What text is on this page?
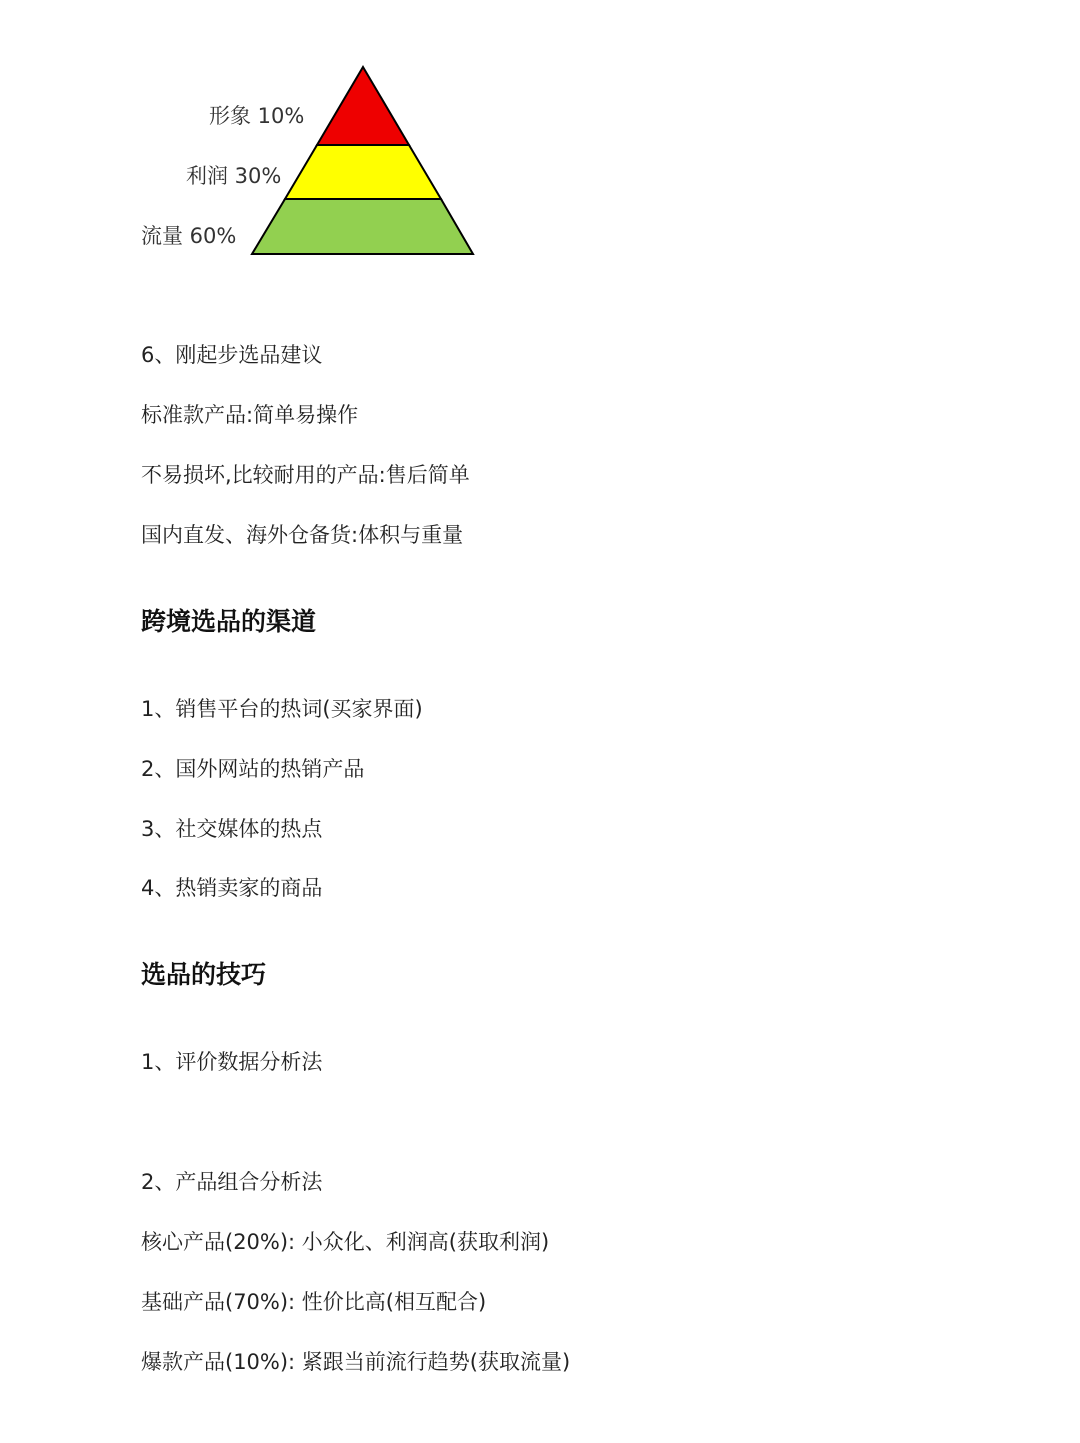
形象 10%
利润 30%
流量 60%
6、刚起步选品建议
标准款产品:简单易操作
不易损坏,比较耐用的产品:售后简单
国内直发、海外仓备货:体积与重量
跨境选品的渠道
1、销售平台的热词(买家界面)
2、国外网站的热销产品
3、社交媒体的热点
4、热销卖家的商品
选品的技巧
1、评价数据分析法
2、产品组合分析法
核心产品(20%): 小众化、利润高(获取利润)
基础产品(70%): 性价比高(相互配合)
爆款产品(10%): 紧跟当前流行趋势(获取流量)
